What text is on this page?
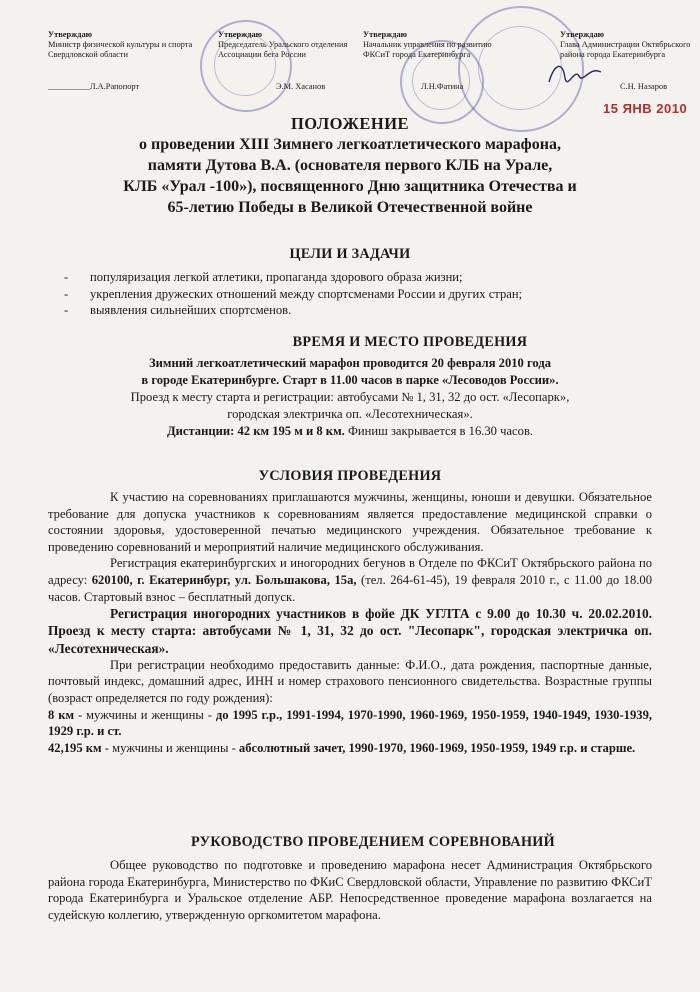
Утверждаю
Министр физической культуры и спорта Свердловской области
__________Л.А.Рапопорт
Утверждаю
Председатель Уральского отделения Ассоциации бега России
Э.М. Хасанов
Утверждаю
Начальник управления по развитию ФКСиТ города Екатеринбурга
Л.Н.Фатина
Утверждаю
Глава Администрации Октябрьского района города Екатеринбурга
С.Н. Назаров
15 ЯНВ 2010
ПОЛОЖЕНИЕ
о проведении XIII Зимнего легкоатлетического марафона,
памяти Дутова В.А. (основателя первого КЛБ на Урале,
КЛБ «Урал -100»), посвященного Дню защитника Отечества и
65-летию Победы в Великой Отечественной войне
ЦЕЛИ И ЗАДАЧИ
- популяризация легкой атлетики, пропаганда здорового образа жизни;
- укрепления дружеских отношений между спортсменами России и других стран;
- выявления сильнейших спортсменов.
ВРЕМЯ И МЕСТО ПРОВЕДЕНИЯ
Зимний легкоатлетический марафон проводится 20 февраля 2010 года
в городе Екатеринбурге. Старт в 11.00 часов в парке «Лесоводов России».
Проезд к месту старта и регистрации: автобусами № 1, 31, 32 до ост. «Лесопарк»,
городская электричка оп. «Лесотехническая».
Дистанции: 42 км 195 м и 8 км. Финиш закрывается в 16.30 часов.
УСЛОВИЯ ПРОВЕДЕНИЯ

К участию на соревнованиях приглашаются мужчины, женщины, юноши и девушки. Обязательное требование для допуска участников к соревнованиям является предоставление медицинской справки о состоянии здоровья, удостоверенной печатью медицинского учреждения. Обязательное требование к проведению соревнований и мероприятий наличие медицинского обслуживания.

Регистрация екатеринбургских и иногородних бегунов в Отделе по ФКСиТ Октябрьского района по адресу: 620100, г. Екатеринбург, ул. Большакова, 15а, (тел. 264-61-45), 19 февраля 2010 г., с 11.00 до 18.00 часов. Стартовый взнос – бесплатный допуск.

Регистрация иногородних участников в фойе ДК УГЛТА с 9.00 до 10.30 ч. 20.02.2010. Проезд к месту старта: автобусами № 1, 31, 32 до ост. "Лесопарк", городская электричка оп. «Лесотехническая».

При регистрации необходимо предоставить данные: Ф.И.О., дата рождения, паспортные данные, почтовый индекс, домашний адрес, ИНН и номер страхового пенсионного свидетельства. Возрастные группы (возраст определяется по году рождения):

8 км - мужчины и женщины - до 1995 г.р., 1991-1994, 1970-1990, 1960-1969, 1950-1959, 1940-1949, 1930-1939, 1929 г.р. и ст.

42,195 км - мужчины и женщины - абсолютный зачет, 1990-1970, 1960-1969, 1950-1959, 1949 г.р. и старше.

РУКОВОДСТВО ПРОВЕДЕНИЕМ СОРЕВНОВАНИЙ

Общее руководство по подготовке и проведению марафона несет Администрация Октябрьского района города Екатеринбурга, Министерство по ФКиС Свердловской области, Управление по развитию ФКСиТ города Екатеринбурга и Уральское отделение АБР. Непосредственное проведение марафона возлагается на судейскую коллегию, утвержденную оргкомитетом марафона.
